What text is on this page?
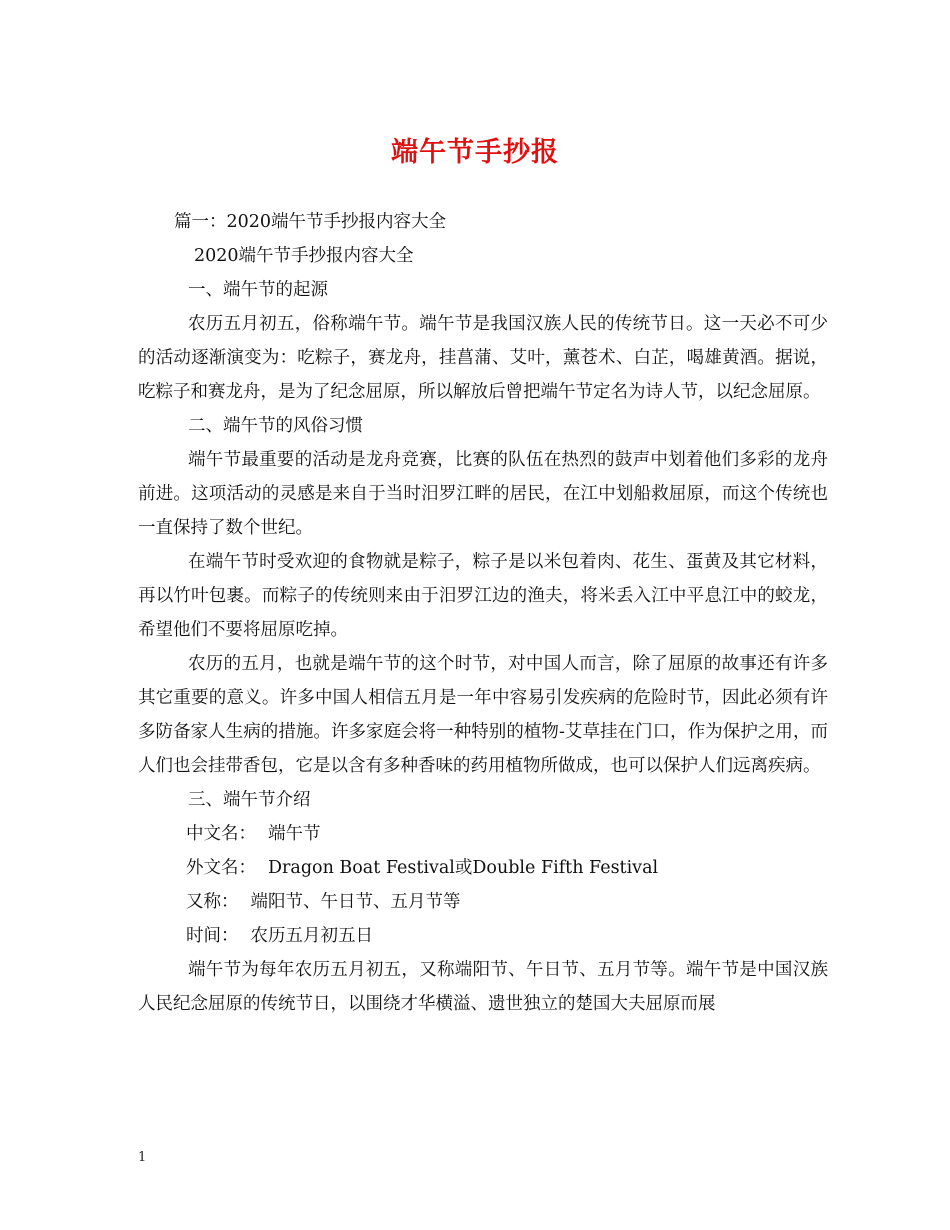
端午节手抄报

篇一：2020端午节手抄报内容大全

2020端午节手抄报内容大全

一、端午节的起源

农历五月初五，俗称端午节。端午节是我国汉族人民的传统节日。这一天必不可少的活动逐渐演变为：吃粽子，赛龙舟，挂菖蒲、艾叶，薰苍术、白芷，喝雄黄酒。据说，吃粽子和赛龙舟，是为了纪念屈原，所以解放后曾把端午节定名为诗人节，以纪念屈原。

二、端午节的风俗习惯

端午节最重要的活动是龙舟竞赛，比赛的队伍在热烈的鼓声中划着他们多彩的龙舟前进。这项活动的灵感是来自于当时汨罗江畔的居民，在江中划船救屈原，而这个传统也一直保持了数个世纪。

在端午节时受欢迎的食物就是粽子，粽子是以米包着肉、花生、蛋黄及其它材料，再以竹叶包裹。而粽子的传统则来由于汨罗江边的渔夫，将米丢入江中平息江中的蛟龙，希望他们不要将屈原吃掉。

农历的五月，也就是端午节的这个时节，对中国人而言，除了屈原的故事还有许多其它重要的意义。许多中国人相信五月是一年中容易引发疾病的危险时节，因此必须有许多防备家人生病的措施。许多家庭会将一种特别的植物-艾草挂在门口，作为保护之用，而人们也会挂带香包，它是以含有多种香味的药用植物所做成，也可以保护人们远离疾病。

三、端午节介绍

中文名： 端午节

外文名： Dragon Boat Festival或Double Fifth Festival

又称： 端阳节、午日节、五月节等

时间： 农历五月初五日

端午节为每年农历五月初五，又称端阳节、午日节、五月节等。端午节是中国汉族人民纪念屈原的传统节日，以围绕才华横溢、遗世独立的楚国大夫屈原而展

1
